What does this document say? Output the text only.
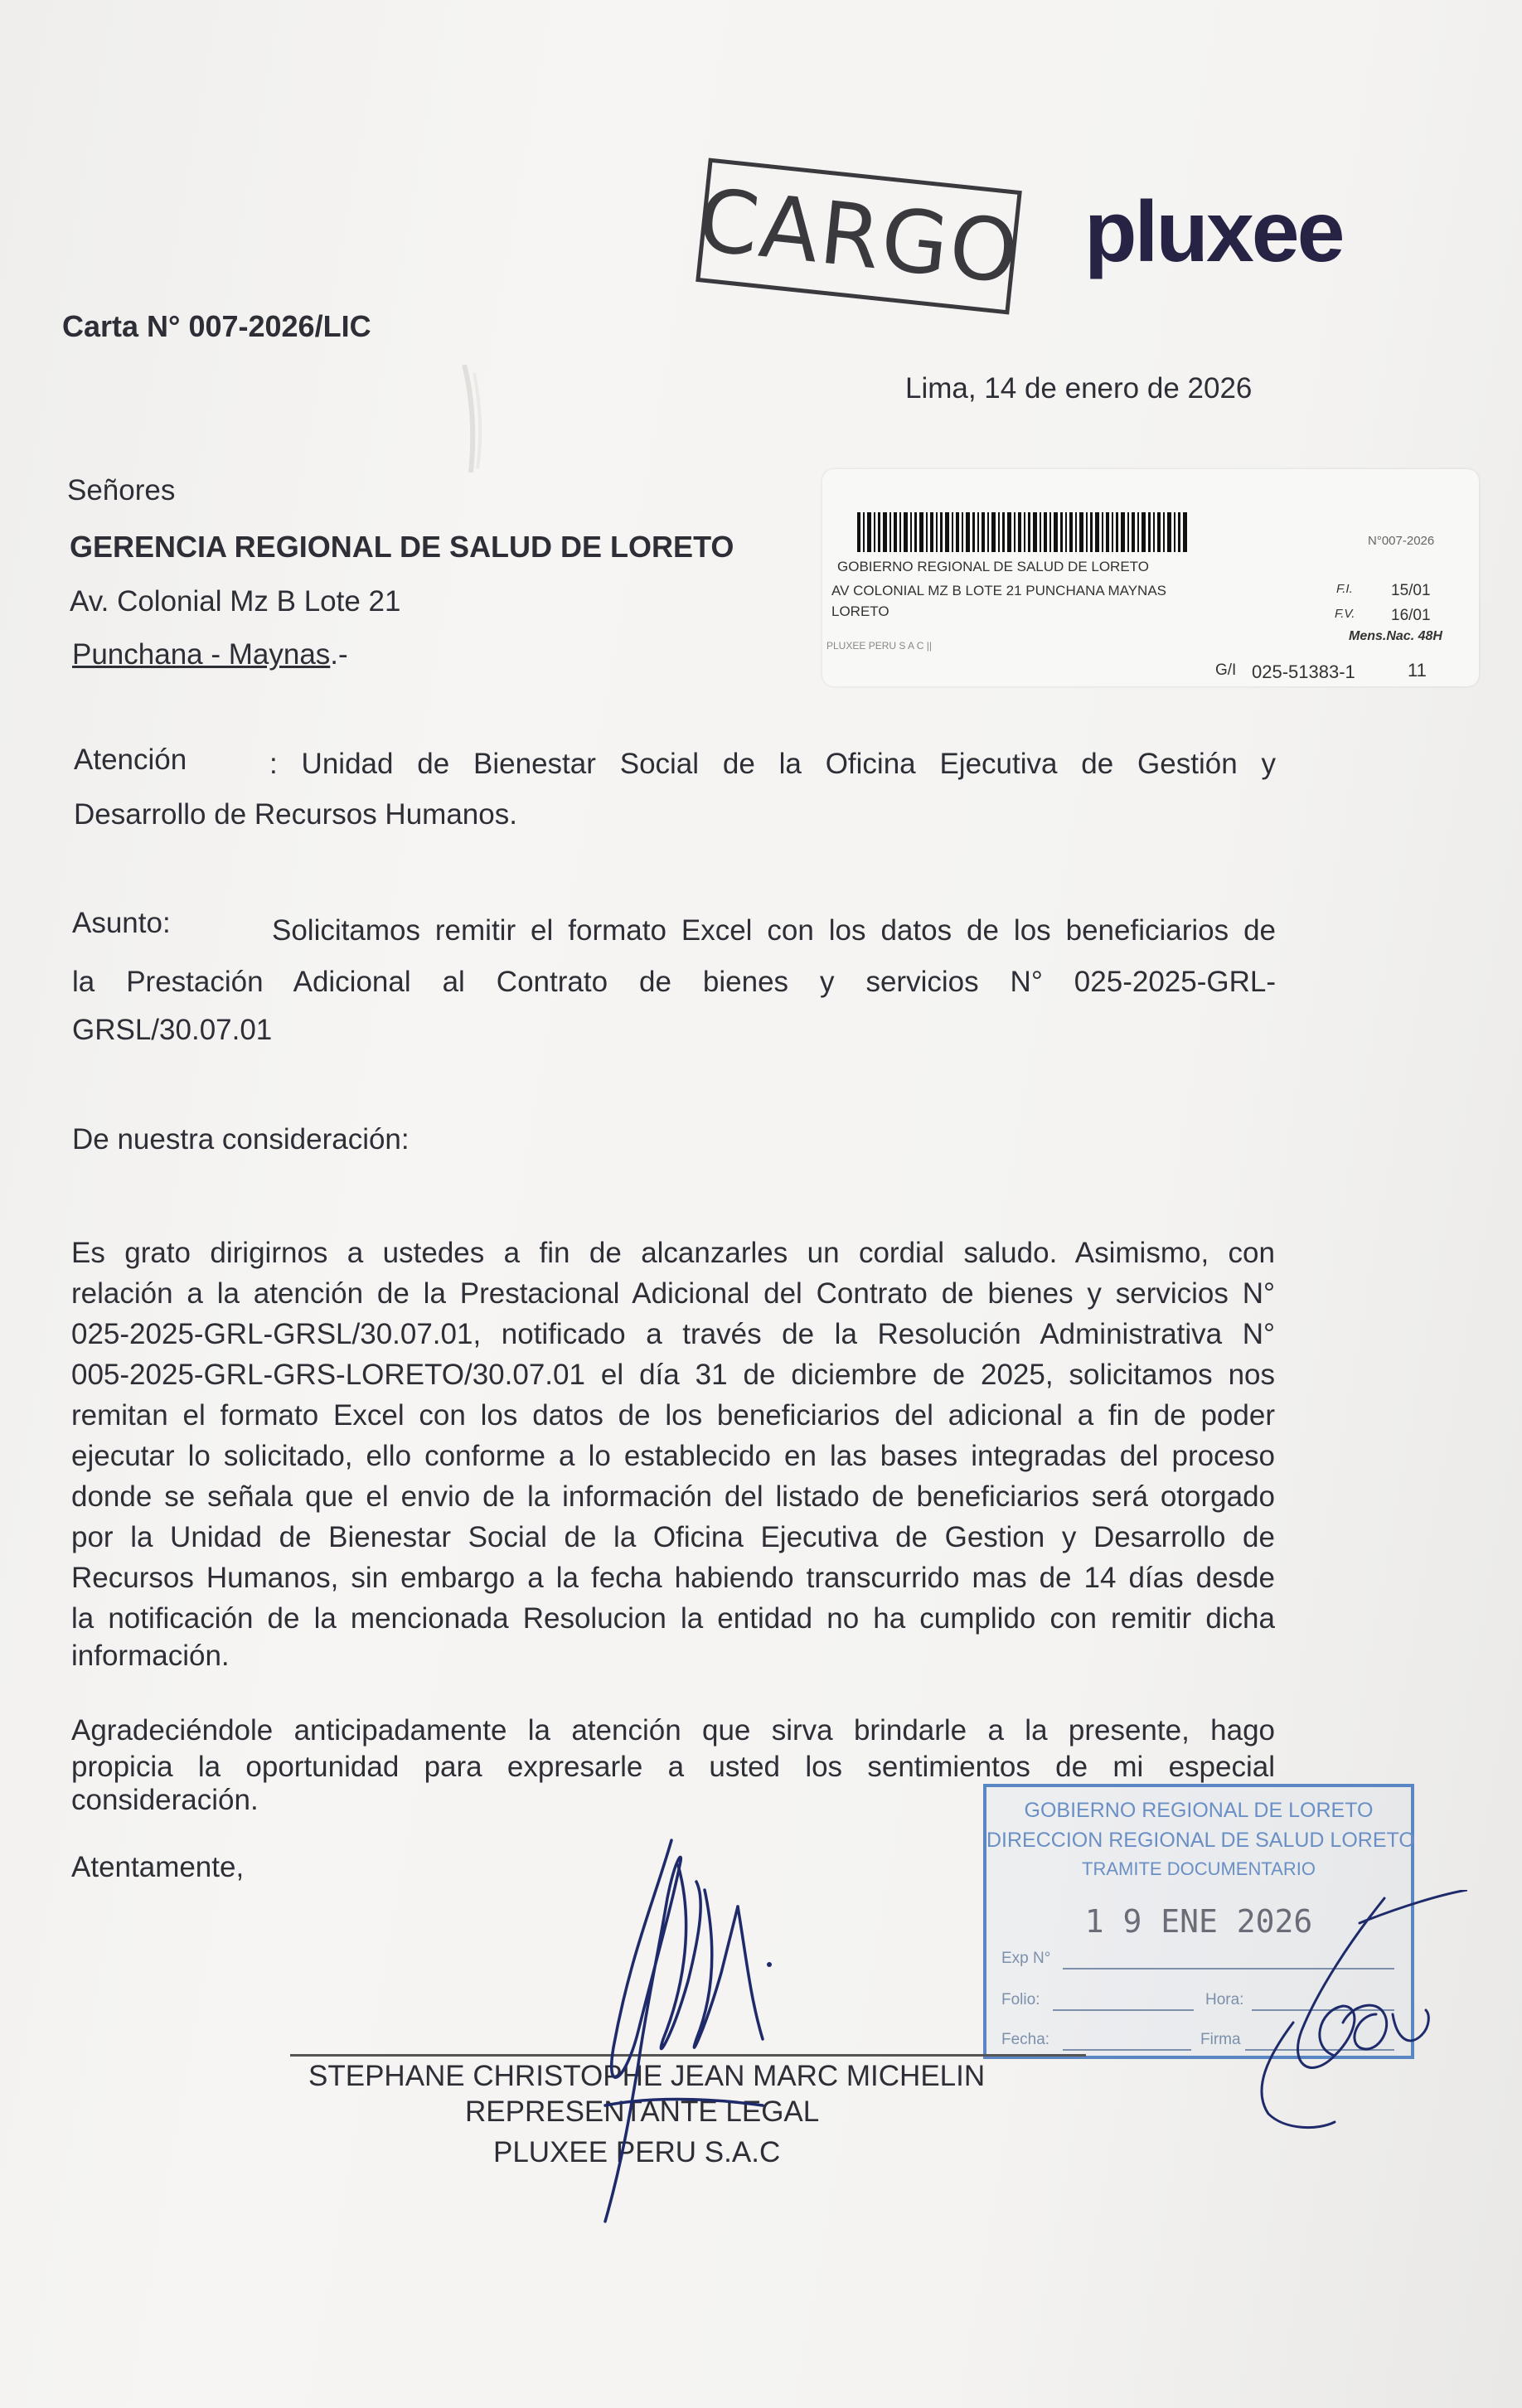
CARGO pluxee
Carta N° 007-2026/LIC
Lima, 14 de enero de 2026
Señores
GERENCIA REGIONAL DE SALUD DE LORETO
Av. Colonial Mz B Lote 21
Punchana - Maynas.-
GOBIERNO REGIONAL DE SALUD DE LORETO
AV COLONIAL MZ B LOTE 21 PUNCHANA MAYNAS
LORETO
PLUXEE PERU S A C ||
N°007-2026
F.I. 15/01
F.V. 16/01
Mens.Nac. 48H
G/I 025-51383-1	11
Atención	: Unidad de Bienestar Social de la Oficina Ejecutiva de Gestión y
Desarrollo de Recursos Humanos.
Asunto:	Solicitamos remitir el formato Excel con los datos de los beneficiarios de
la Prestación Adicional al Contrato de bienes y servicios N° 025-2025-GRL-
GRSL/30.07.01
De nuestra consideración:
Es grato dirigirnos a ustedes a fin de alcanzarles un cordial saludo. Asimismo, con
relación a la atención de la Prestacional Adicional del Contrato de bienes y servicios N°
025-2025-GRL-GRSL/30.07.01, notificado a través de la Resolución Administrativa N°
005-2025-GRL-GRS-LORETO/30.07.01 el día 31 de diciembre de 2025, solicitamos nos
remitan el formato Excel con los datos de los beneficiarios del adicional a fin de poder
ejecutar lo solicitado, ello conforme a lo establecido en las bases integradas del proceso
donde se señala que el envio de la información del listado de beneficiarios será otorgado
por la Unidad de Bienestar Social de la Oficina Ejecutiva de Gestion y Desarrollo de
Recursos Humanos, sin embargo a la fecha habiendo transcurrido mas de 14 días desde
la notificación de la mencionada Resolucion la entidad no ha cumplido con remitir dicha
información.
Agradeciéndole anticipadamente la atención que sirva brindarle a la presente, hago
propicia la oportunidad para expresarle a usted los sentimientos de mi especial
consideración.
Atentamente,
GOBIERNO REGIONAL DE LORETO
DIRECCION REGIONAL DE SALUD LORETO
TRAMITE DOCUMENTARIO
1 9 ENE 2026
Exp N°
Folio:	Hora:
Fecha:	Firma
STEPHANE CHRISTOPHE JEAN MARC MICHELIN
REPRESENTANTE LEGAL
PLUXEE PERU S.A.C
